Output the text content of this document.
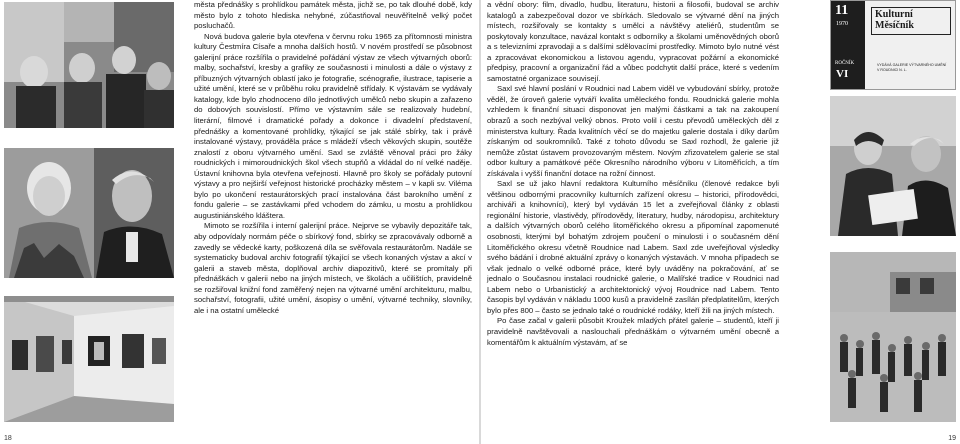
města přednášky s prohlídkou památek města, jichž se, po tak dlouhé době, kdy město bylo z tohoto hlediska nehybné, zúčastňoval neuvěřitelně velký počet posluchačů.

Nová budova galerie byla otevřena v červnu roku 1965 za přítomnosti ministra kultury Čestmíra Císaře a mnoha dalších hostů. V novém prostředí se působnost galerijní práce rozšířila o pravidelné pořádání výstav ze všech výtvarných oborů: malby, sochařství, kresby a grafiky ze současnosti i minulosti a dále o výstavy z příbuzných výtvarných oblastí jako je fotografie, scénografie, ilustrace, tapiserie a užité umění, které se v průběhu roku pravidelně střídaly. K výstavám se vydávaly katalogy, kde bylo zhodnoceno dílo jednotlivých umělců nebo skupin a zařazeno do dobových souvislostí. Přímo ve výstavním sále se realizovaly hudební, literární, filmové i dramatické pořady a dokonce i divadelní představení, přednášky a komentované prohlídky, týkající se jak stálé sbírky, tak i právě instalované výstavy, prováděla práce s mládeží všech věkových skupin, soutěže znalostí z oboru výtvarného umění. Saxl se zvláště věnoval práci pro žáky roudnických i mimoroudnických škol všech stupňů a vkládal do ní velké naděje. Ústavní knihovna byla otevřena veřejnosti. Hlavně pro školy se pořádaly putovní výstavy a pro nejširší veřejnost historické procházky městem – v kapli sv. Viléma bylo po ukončení restaurátorských prací instalována část barokního umění z fondu galerie – se zastávkami před vchodem do zámku, u mostu a prohlídkou augustiniánského kláštera.

Mimoto se rozšířila i interní galerijní práce. Nejprve se vybavily depozitáře tak, aby odpovídaly normám péče o sbírkový fond, sbírky se zpracovávaly odborně a zavedly se vědecké karty, poškozená díla se svěřovala restaurátorům. Nadále se systematicky budoval archiv fotografií týkající se všech konaných výstav a akcí v galerii a staveb města, doplňoval archiv diapozitivů, které se promítaly při přednáškách v galerii nebo na jiných místech, ve školách a učilištích, pravidelně se rozšiřoval knižní fond zaměřený nejen na výtvarné umění architekturu, malbu, sochařství, fotografii, užité umění, ásopisy o umění, výtvarné techniky, slovníky, ale i na ostatní umělecké

18

a vědní obory: film, divadlo, hudbu, literaturu, historii a filosofii, budoval se archiv katalogů a zabezpečoval dozor ve sbírkách. Sledovalo se výtvarné dění na jiných místech, rozšiřovaly se kontakty s umělci a návštěvy ateliérů, studentům se poskytovaly konzultace, navázal kontakt s odborníky a školami uměnovědných oborů a s televizními zpravodaji a s dalšími sdělovacími prostředky. Mimoto bylo nutné vést a zpracovávat ekonomickou a listovou agendu, vypracovat požární a ekonomické předpisy, pracovní a organizační řád a vůbec podchytit další práce, které s vedením samostatné organizace souvisejí.

Saxl své hlavní poslání v Roudnici nad Labem viděl ve vybudování sbírky, protože věděl, že úroveň galerie vytváří kvalita uměleckého fondu. Roudnická galerie mohla vzhledem k finanční situaci disponovat jen malými částkami a tak na zakoupení obrazů a soch nezbýval velký obnos. Proto volil i cestu převodů uměleckých děl z ministerstva kultury. Řada kvalitních věcí se do majetku galerie dostala i díky darům získaným od soukromníků. Také z tohoto důvodu se Saxl rozhodl, že galerie již nemůže zůstat ústavem provozovaným městem. Novým zřizovatelem galerie se stal odbor kultury a památkové péče Okresního národního výboru v Litoměřicích, a tím získávala i vyšší finanční dotace na rožní činnost.

Saxl se už jako hlavní redaktora Kulturního měsíčníku (členové redakce byli většinou odbornými pracovníky kulturních zařízení okresu – historici, přírodovědci, archiváři a knihovníci), který byl vydáván 15 let a zveřejňoval články z oblasti regionální historie, vlastivědy, přírodovědy, literatury, hudby, národopisu, architektury a dalších výtvarných oborů celého litoměřického okresu a připomínal zapomenuté osobnosti, kterými byl bohatým zdrojem poučení o minulosti i o současném dění Litoměřického okresu včetně Roudnice nad Labem. Saxl zde uveřejňoval výsledky svého bádání i drobné aktuální zprávy o konaných výstavách. V mnoha případech se však jednalo o velké odborné práce, které byly uváděny na pokračování, ať se jednalo o Současnou instalaci roudnické galerie, o Malířské tradice v Roudnici nad Labem nebo o Urbanistický a architektonický vývoj Roudnice nad Labem. Tento časopis byl vydáván v nákladu 1000 kusů a pravidelně zasílán předplatitelům, kterých bylo přes 800 – často se jednalo také o roudnické rodáky, kteří žili na jiných místech.

Po čase začal v galerii působit Kroužek mladých přátel galerie – studentů, kteří ji pravidelně navštěvovali a naslouchali přednáškám o výtvarném umění obecně a komentářům k aktuálním výstavám, ať se

11
1970
ROČNÍK
VI
Kulturní Měsíčník
VYDÁVÁ GALERIE VÝTVARNÉHO UMĚNÍ V ROUDNICI N. L.
19
